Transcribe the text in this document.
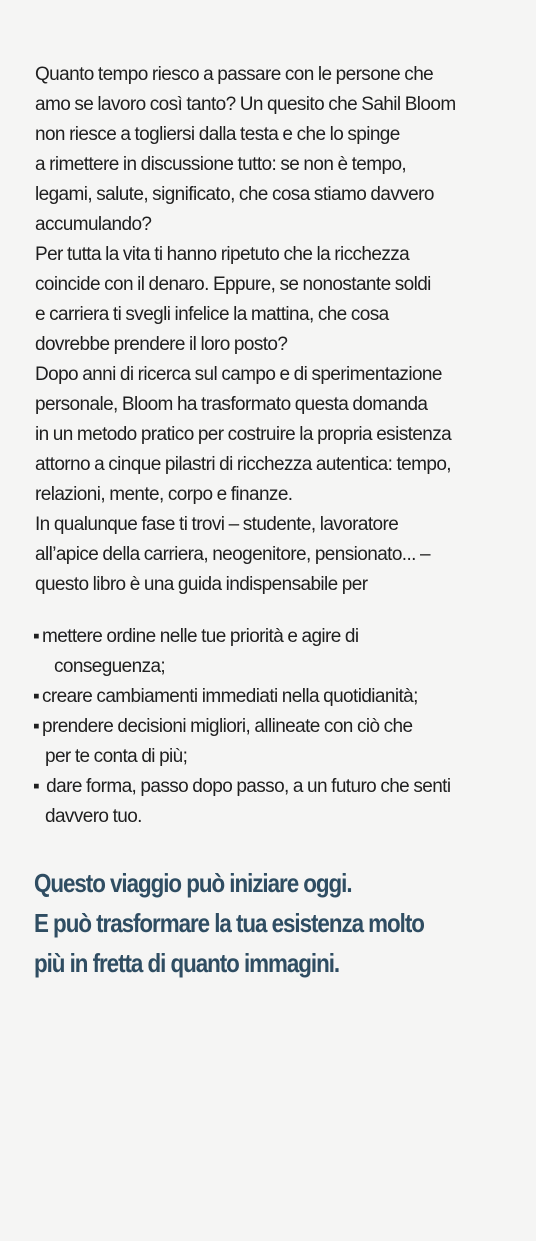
Quanto tempo riesco a passare con le persone che
amo se lavoro così tanto? Un quesito che Sahil Bloom
non riesce a togliersi dalla testa e che lo spinge
a rimettere in discussione tutto: se non è tempo,
legami, salute, significato, che cosa stiamo davvero
accumulando?
Per tutta la vita ti hanno ripetuto che la ricchezza
coincide con il denaro. Eppure, se nonostante soldi
e carriera ti svegli infelice la mattina, che cosa
dovrebbe prendere il loro posto?
Dopo anni di ricerca sul campo e di sperimentazione
personale, Bloom ha trasformato questa domanda
in un metodo pratico per costruire la propria esistenza
attorno a cinque pilastri di ricchezza autentica: tempo,
relazioni, mente, corpo e finanze.
In qualunque fase ti trovi – studente, lavoratore
all’apice della carriera, neogenitore, pensionato... –
questo libro è una guida indispensabile per
▪ mettere ordine nelle tue priorità e agire di
conseguenza;
▪ creare cambiamenti immediati nella quotidianità;
▪ prendere decisioni migliori, allineate con ciò che
per te conta di più;
▪ dare forma, passo dopo passo, a un futuro che senti
davvero tuo.
Questo viaggio può iniziare oggi.
E può trasformare la tua esistenza molto
più in fretta di quanto immagini.
